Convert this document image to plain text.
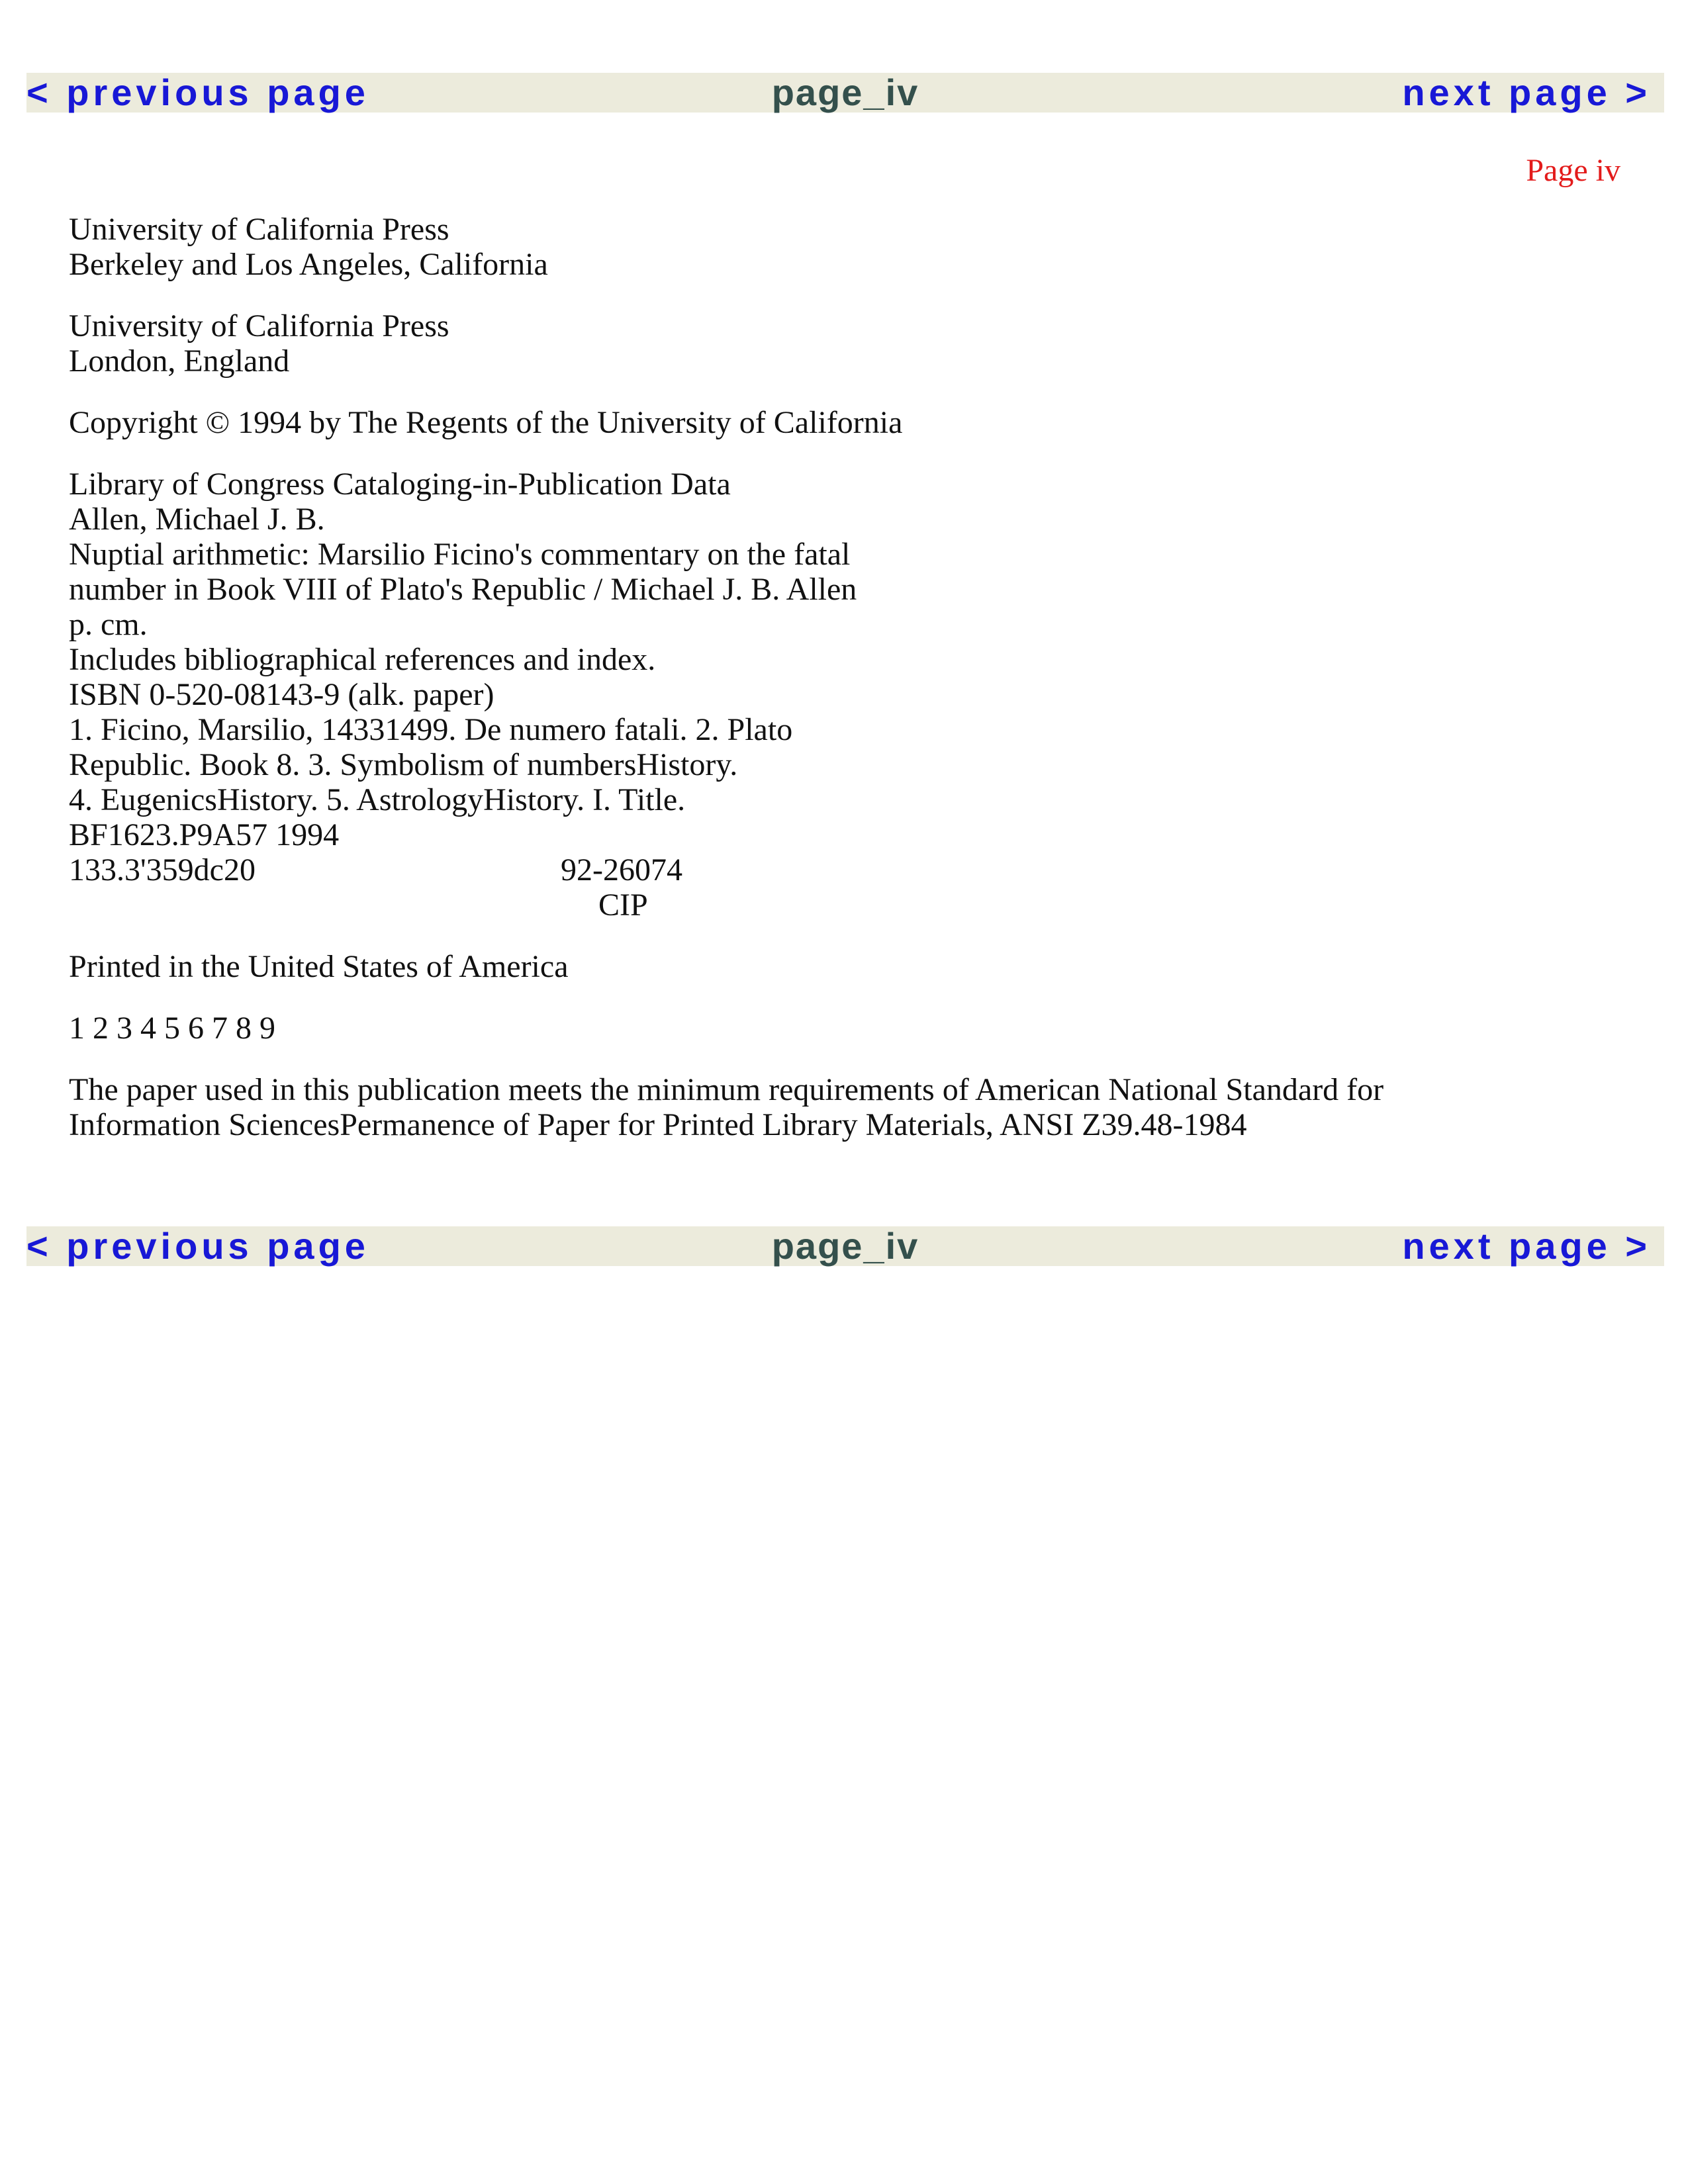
page_iv
< previous page	next page >
Page iv
University of California Press
Berkeley and Los Angeles, California
University of California Press
London, England
Copyright © 1994 by The Regents of the University of California
Library of Congress Cataloging-in-Publication Data
Allen, Michael J. B.
Nuptial arithmetic: Marsilio Ficino's commentary on the fatal
number in Book VIII of Plato's Republic / Michael J. B. Allen
p. cm.
Includes bibliographical references and index.
ISBN 0-520-08143-9 (alk. paper)
1. Ficino, Marsilio, 14331499. De numero fatali. 2. Plato
Republic. Book 8. 3. Symbolism of numbersHistory.
4. EugenicsHistory. 5. AstrologyHistory. I. Title.
BF1623.P9A57 1994
133.3'359dc20	92-26074
CIP
Printed in the United States of America
1 2 3 4 5 6 7 8 9
The paper used in this publication meets the minimum requirements of American National Standard for
Information SciencesPermanence of Paper for Printed Library Materials, ANSI Z39.48-1984
page_iv
< previous page	next page >
